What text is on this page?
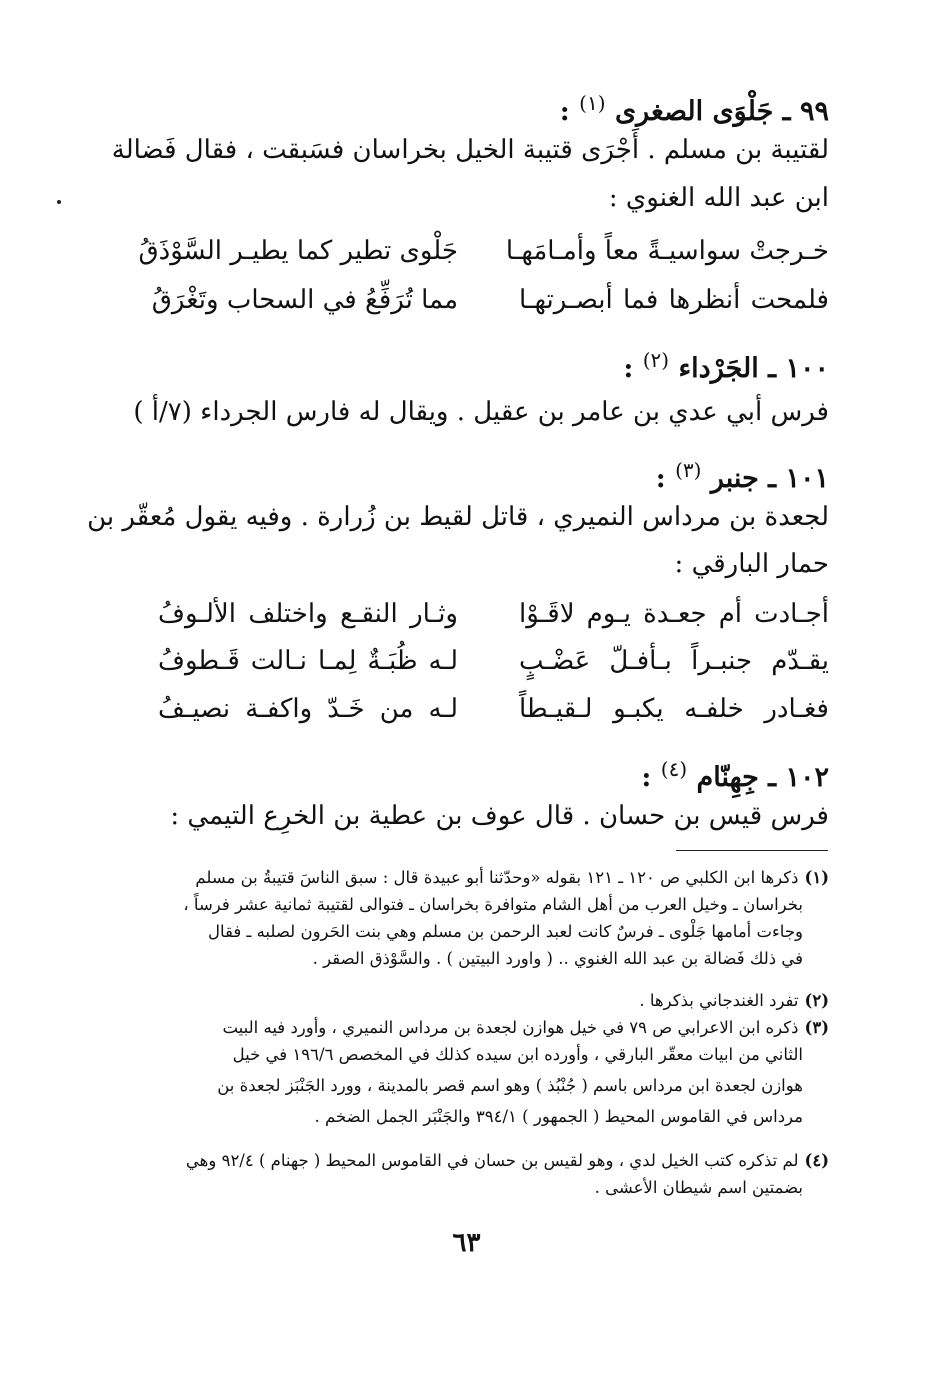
٩٩ ـ جَلْوَى الصغرى $^{(١)}$ :
لقتيبة بن مسلم . أَجْرَى قتيبة الخيل بخراسان فسَبقت ، فقال فَضالة
ابن عبد الله الغنوي :
خـرجتْ سواسيـةً معاً وأمـامَهـا
جَلْوى تطير كما يطيـر السَّوْذَقُ
فلمحت أنظرها فما أبصـرتهـا
مما تُرَفِّعُ في السحاب وتَغْرَقُ
١٠٠ ـ الجَرْداء $^{(٢)}$ :
فرس أبي عدي بن عامر بن عقيل . ويقال له فارس الجرداء (٧/أ )
١٠١ ـ جنبر $^{(٣)}$ :
لجعدة بن مرداس النميري ، قاتل لقيط بن زُرارة . وفيه يقول مُعقّر بن
حمار البارقي :
أجـادت أم جعـدة يـوم لاقَـوْا
وثـار النقـع واختلف الألـوفُ
يقـدّم جنبـراً بـأفـلّ عَضْـبٍ
لـه ظُبَـةٌ لِمـا نـالت قَـطوفُ
فغـادر خلفـه يكبـو لـقيـطاً
لـه من خَـدّ واكفـة نصيـفُ
١٠٢ ـ جِهِنّام $^{(٤)}$ :
فرس قيس بن حسان . قال عوف بن عطية بن الخرِع التيمي :
(١)ذكرها ابن الكلبي ص ١٢٠ ـ ١٢١ بقوله «وحدّثنا أبو عبيدة قال : سبق الناسَ قتيبةُ بن مسلم
بخراسان ـ وخيل العرب من أهل الشام متوافرة بخراسان ـ فتوالى لقتيبة ثمانية عشر فرساً ،
وجاءت أمامها جَلْوى ـ فرسٌ كانت لعبد الرحمن بن مسلم وهي بنت الحَرون لصلبه ـ فقال
في ذلك فَضالة بن عبد الله الغنوي .. ( واورد البيتين ) . والسَّوْذق الصقر .
(٢)تفرد الغندجاني بذكرها .
(٣)ذكره ابن الاعرابي ص ٧٩ في خيل هوازن لجعدة بن مرداس النميري ، وأورد فيه البيت
الثاني من ابيات معقّر البارقي ، وأورده ابن سيده كذلك في المخصص ١٩٦/٦ في خيل
هوازن لجعدة ابن مرداس باسم ( جُنْبُذ ) وهو اسم قصر بالمدينة ، وورد الجَنْبَز لجعدة بن
مرداس في القاموس المحيط ( الجمهور ) ٣٩٤/١ والجَنْبَر الجمل الضخم .
(٤)لم تذكره كتب الخيل لدي ، وهو لقيس بن حسان في القاموس المحيط ( جهنام ) ٩٢/٤ وهي
بضمتين اسم شيطان الأعشى .
٦٣
